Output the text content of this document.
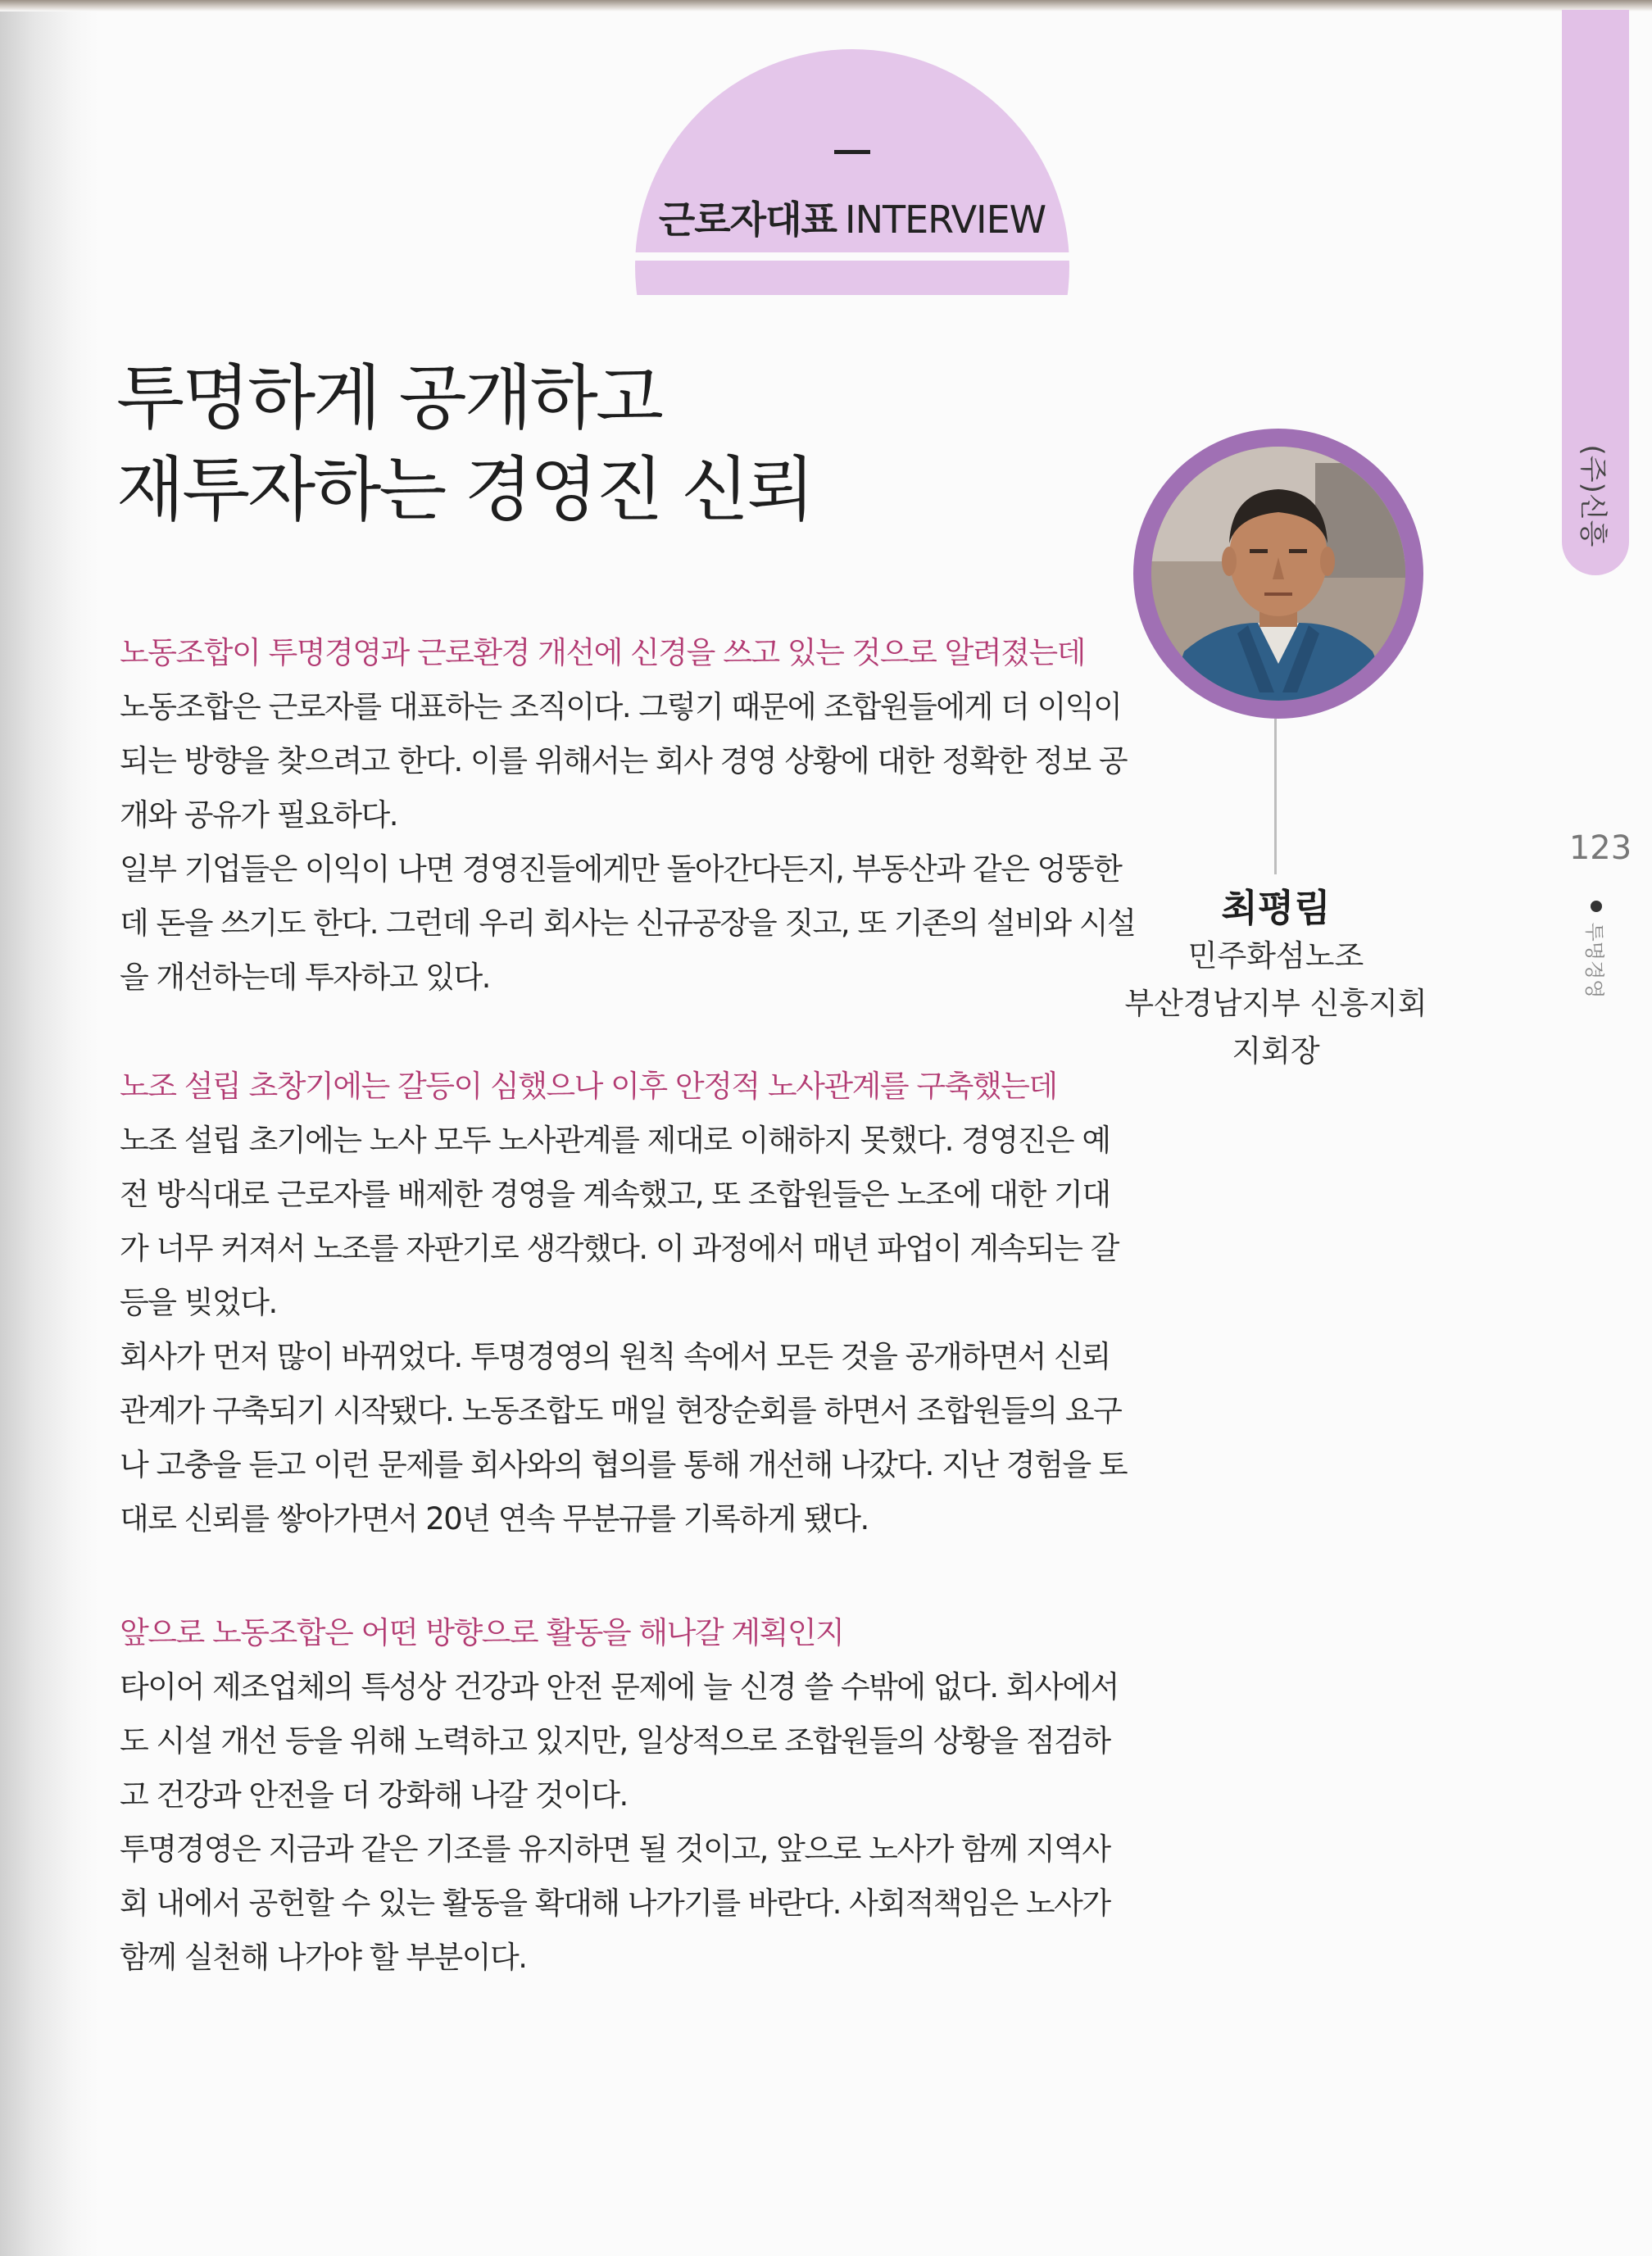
근로자대표 INTERVIEW
(주)신흥
123
투명경영
투명하게 공개하고
재투자하는 경영진 신뢰
최평림
민주화섬노조
부산경남지부 신흥지회
지회장
노동조합이 투명경영과 근로환경 개선에 신경을 쓰고 있는 것으로 알려졌는데
노동조합은 근로자를 대표하는 조직이다. 그렇기 때문에 조합원들에게 더 이익이
되는 방향을 찾으려고 한다. 이를 위해서는 회사 경영 상황에 대한 정확한 정보 공
개와 공유가 필요하다.
일부 기업들은 이익이 나면 경영진들에게만 돌아간다든지, 부동산과 같은 엉뚱한
데 돈을 쓰기도 한다. 그런데 우리 회사는 신규공장을 짓고, 또 기존의 설비와 시설
을 개선하는데 투자하고 있다.
노조 설립 초창기에는 갈등이 심했으나 이후 안정적 노사관계를 구축했는데
노조 설립 초기에는 노사 모두 노사관계를 제대로 이해하지 못했다. 경영진은 예
전 방식대로 근로자를 배제한 경영을 계속했고, 또 조합원들은 노조에 대한 기대
가 너무 커져서 노조를 자판기로 생각했다. 이 과정에서 매년 파업이 계속되는 갈
등을 빚었다.
회사가 먼저 많이 바뀌었다. 투명경영의 원칙 속에서 모든 것을 공개하면서 신뢰
관계가 구축되기 시작됐다. 노동조합도 매일 현장순회를 하면서 조합원들의 요구
나 고충을 듣고 이런 문제를 회사와의 협의를 통해 개선해 나갔다. 지난 경험을 토
대로 신뢰를 쌓아가면서 20년 연속 무분규를 기록하게 됐다.
앞으로 노동조합은 어떤 방향으로 활동을 해나갈 계획인지
타이어 제조업체의 특성상 건강과 안전 문제에 늘 신경 쓸 수밖에 없다. 회사에서
도 시설 개선 등을 위해 노력하고 있지만, 일상적으로 조합원들의 상황을 점검하
고 건강과 안전을 더 강화해 나갈 것이다.
투명경영은 지금과 같은 기조를 유지하면 될 것이고, 앞으로 노사가 함께 지역사
회 내에서 공헌할 수 있는 활동을 확대해 나가기를 바란다. 사회적책임은 노사가
함께 실천해 나가야 할 부분이다.
